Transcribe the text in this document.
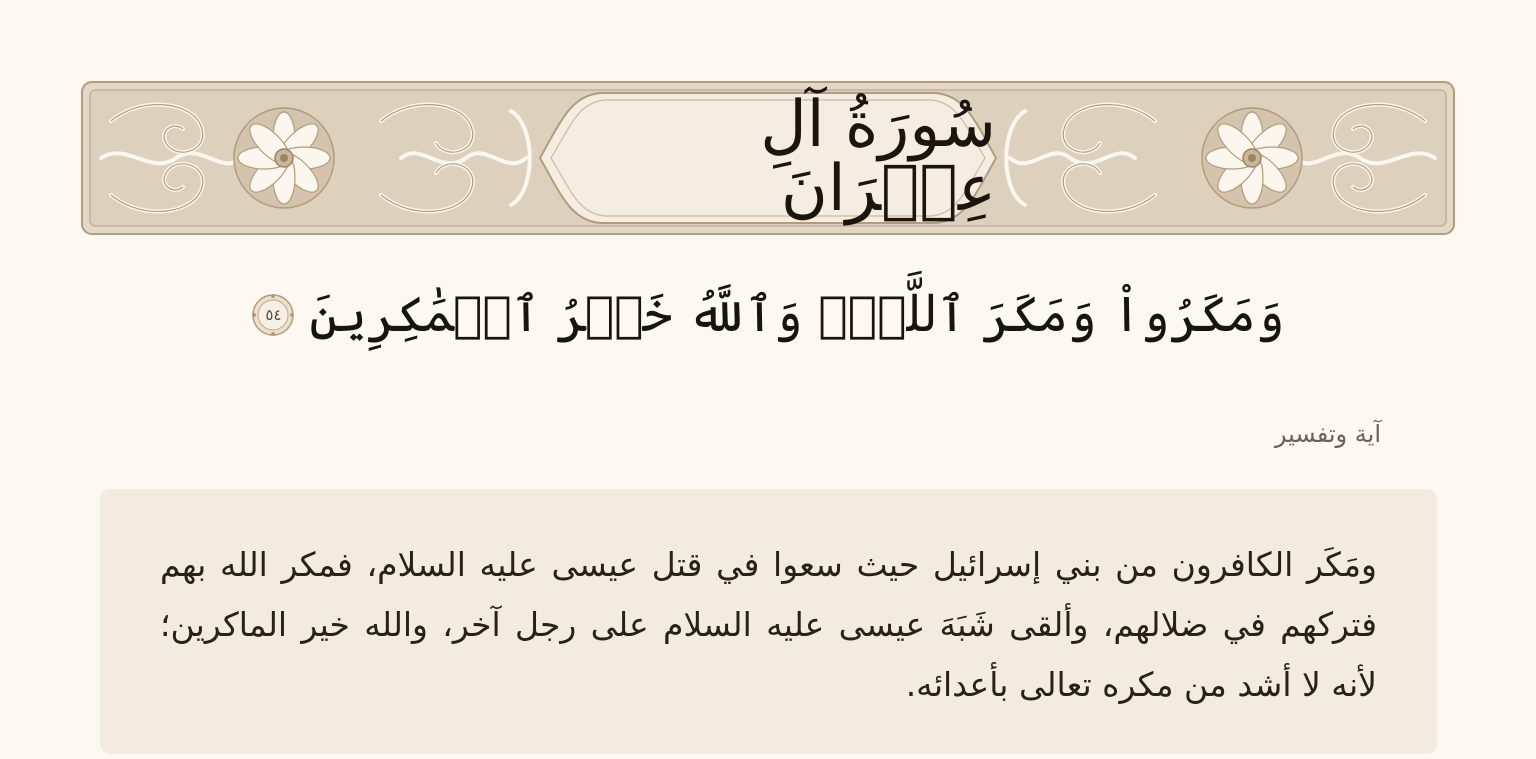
سُورَةُ آلِ عِمۡرَانَ
وَمَكَرُواْ وَمَكَرَ ٱللَّهُۖ وَٱللَّهُ خَيۡرُ ٱلۡمَٰكِرِينَ
٥٤
آية وتفسير
ومَكَر الكافرون من بني إسرائيل حيث سعوا في قتل عيسى عليه السلام، فمكر الله بهم فتركهم في ضلالهم، وألقى شَبَهَ عيسى عليه السلام على رجل آخر، والله خير الماكرين؛ لأنه لا أشد من مكره تعالى بأعدائه.
